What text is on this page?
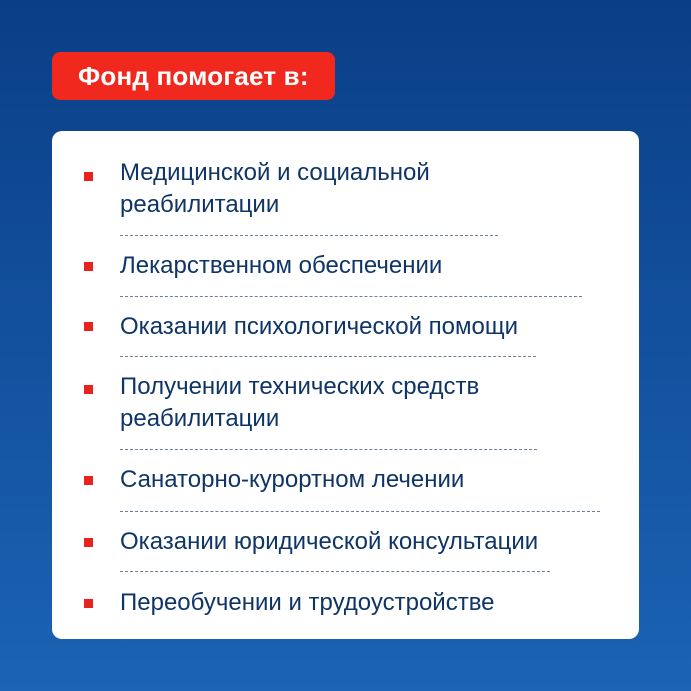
Фонд помогает в:
Медицинской и социальной
реабилитации
Лекарственном обеспечении
Оказании психологической помощи
Получении технических средств
реабилитации
Санаторно-курортном лечении
Оказании юридической консультации
Переобучении и трудоустройстве
